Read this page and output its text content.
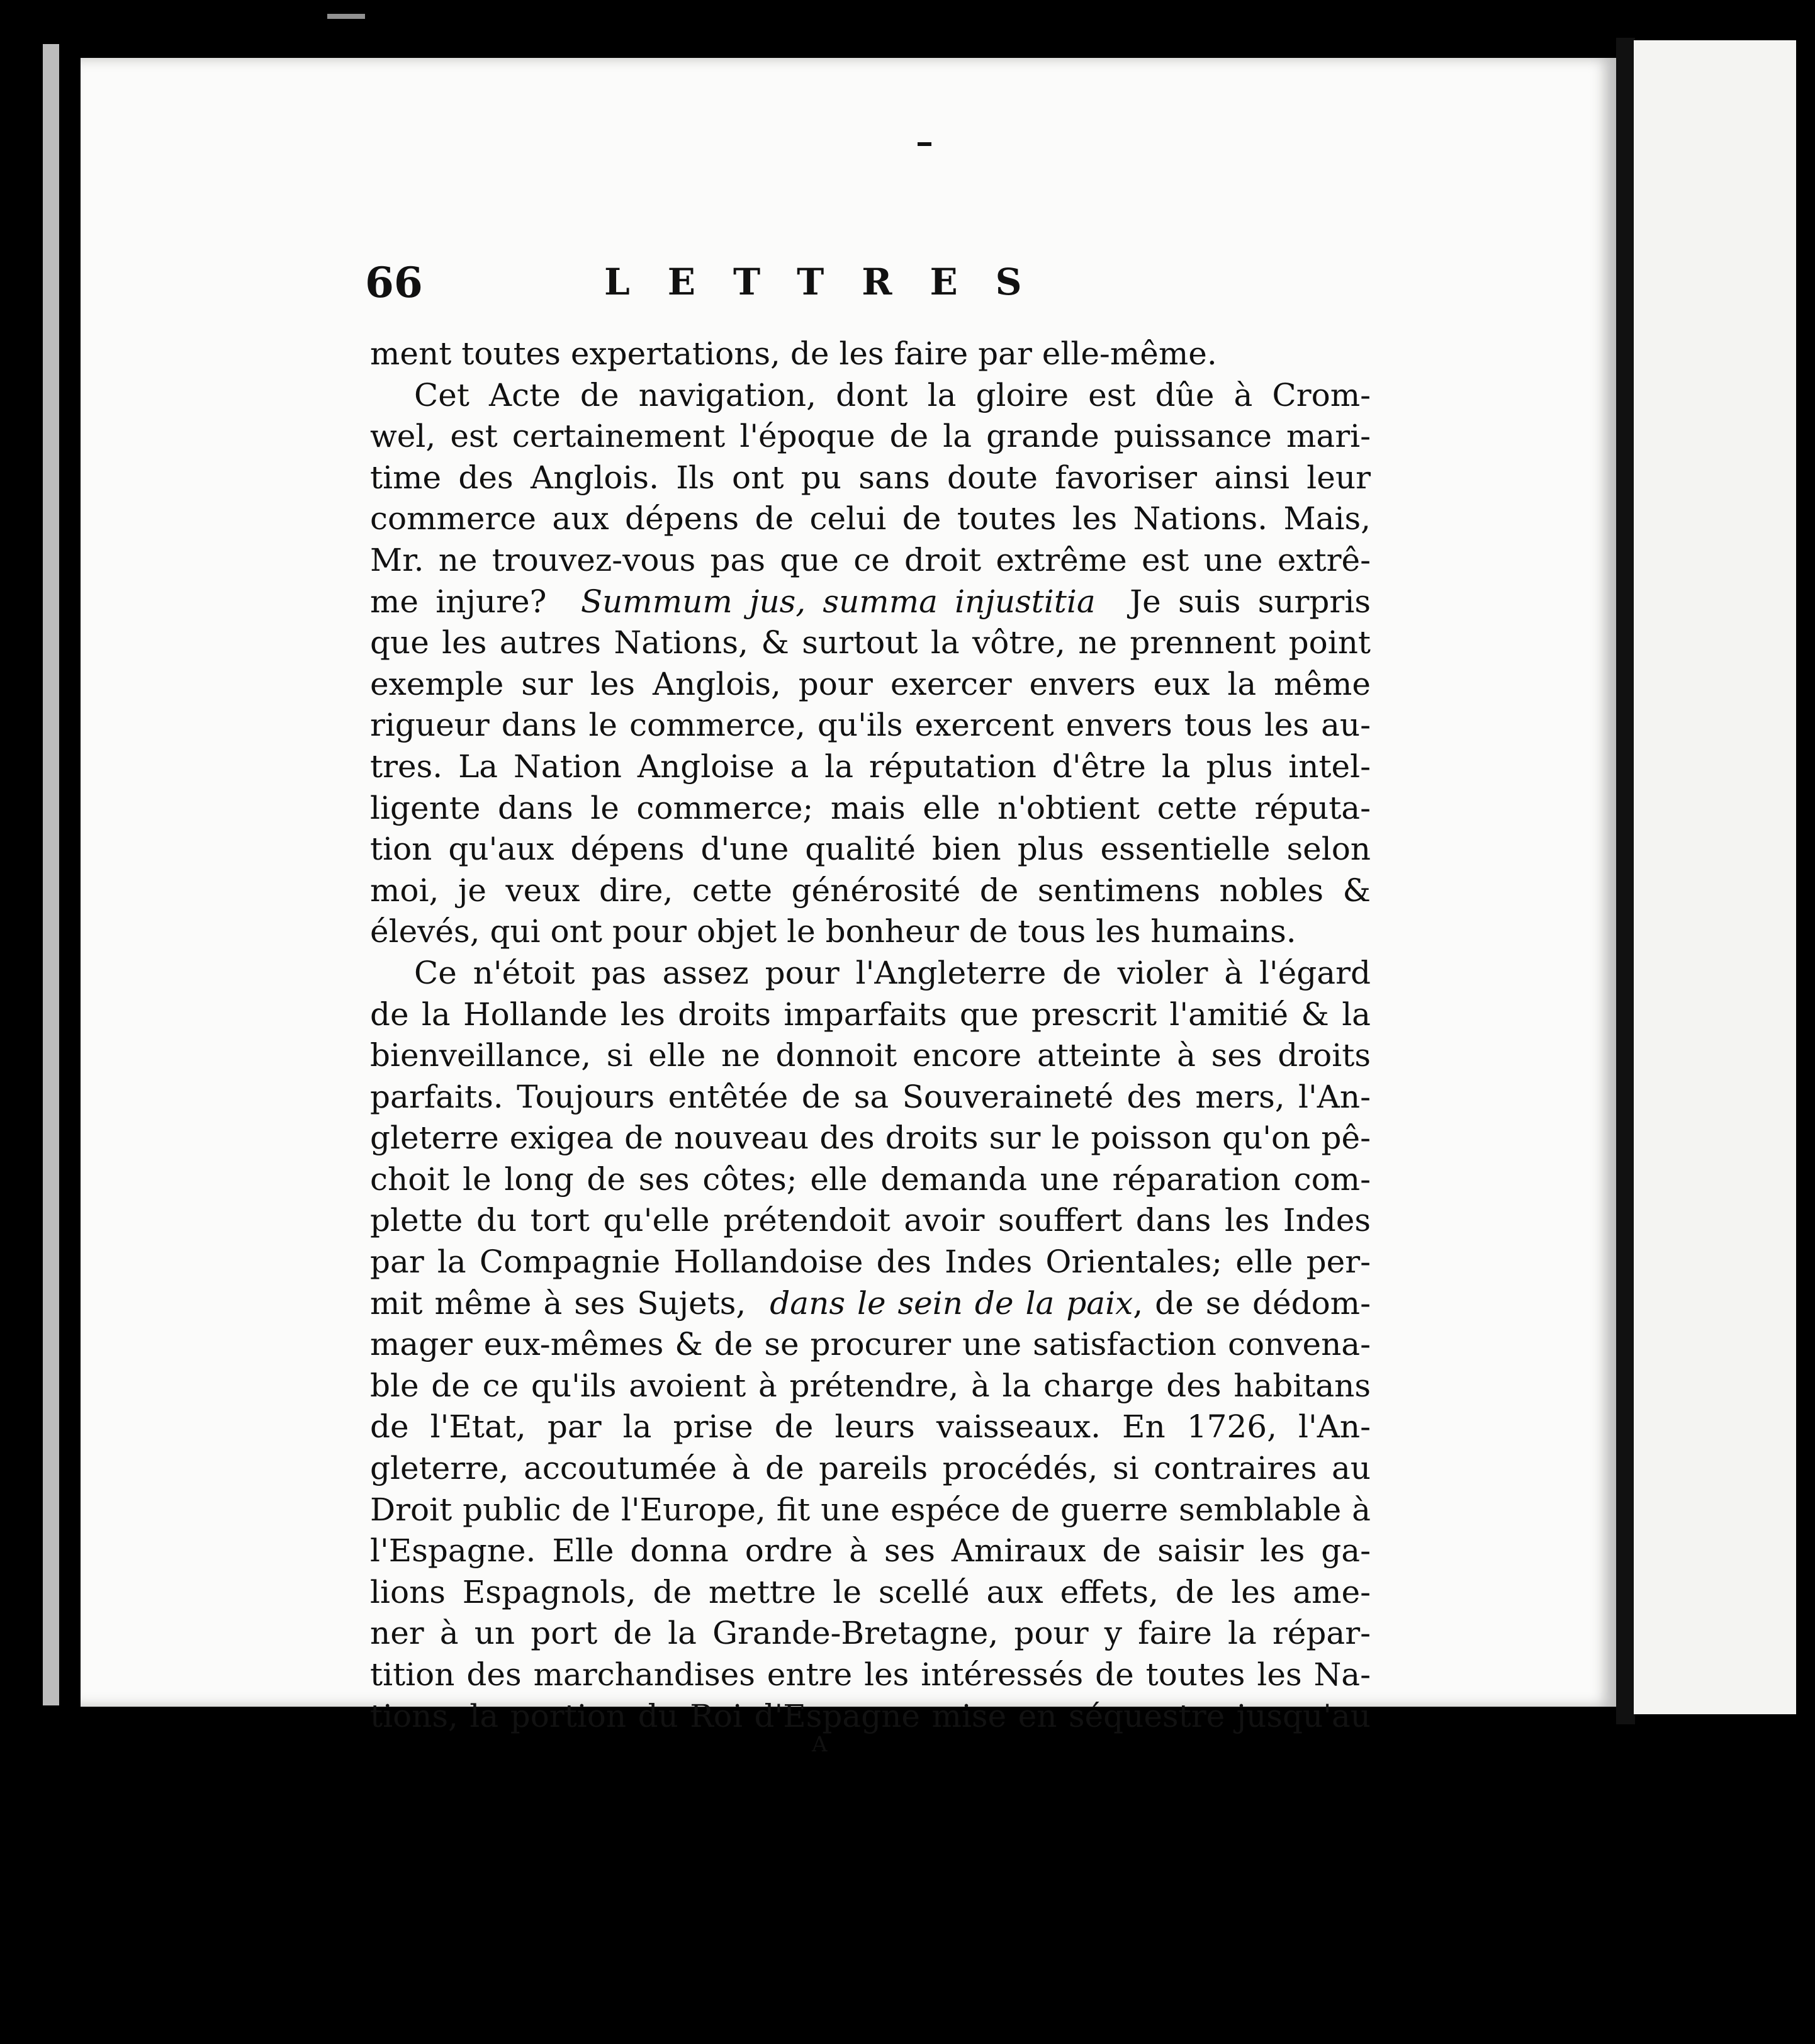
66	LETTRES
ment toutes expertations, de les faire par elle-même.
Cet Acte de navigation, dont la gloire est dûe à Crom-
wel, est certainement l'époque de la grande puissance mari-
time des Anglois. Ils ont pu sans doute favoriser ainsi leur
commerce aux dépens de celui de toutes les Nations. Mais,
Mr. ne trouvez-vous pas que ce droit extrême est une extrê-
me injure? Summum jus, summa injustitia Je suis surpris
que les autres Nations, & surtout la vôtre, ne prennent point
exemple sur les Anglois, pour exercer envers eux la même
rigueur dans le commerce, qu'ils exercent envers tous les au-
tres. La Nation Angloise a la réputation d'être la plus intel-
ligente dans le commerce; mais elle n'obtient cette réputa-
tion qu'aux dépens d'une qualité bien plus essentielle selon
moi, je veux dire, cette générosité de sentimens nobles &
élevés, qui ont pour objet le bonheur de tous les humains.
Ce n'étoit pas assez pour l'Angleterre de violer à l'égard
de la Hollande les droits imparfaits que prescrit l'amitié & la
bienveillance, si elle ne donnoit encore atteinte à ses droits
parfaits. Toujours entêtée de sa Souveraineté des mers, l'An-
gleterre exigea de nouveau des droits sur le poisson qu'on pê-
choit le long de ses côtes; elle demanda une réparation com-
plette du tort qu'elle prétendoit avoir souffert dans les Indes
par la Compagnie Hollandoise des Indes Orientales; elle per-
mit même à ses Sujets, dans le sein de la paix, de se dédom-
mager eux-mêmes & de se procurer une satisfaction convena-
ble de ce qu'ils avoient à prétendre, à la charge des habitans
de l'Etat, par la prise de leurs vaisseaux. En 1726, l'An-
gleterre, accoutumée à de pareils procédés, si contraires au
Droit public de l'Europe, fit une espéce de guerre semblable à
l'Espagne. Elle donna ordre à ses Amiraux de saisir les ga-
lions Espagnols, de mettre le scellé aux effets, de les ame-
ner à un port de la Grande-Bretagne, pour y faire la répar-
tition des marchandises entre les intéressés de toutes les Na-
tions, la portion du Roi d'Espagne mise en séquestre jusqu'au
A
